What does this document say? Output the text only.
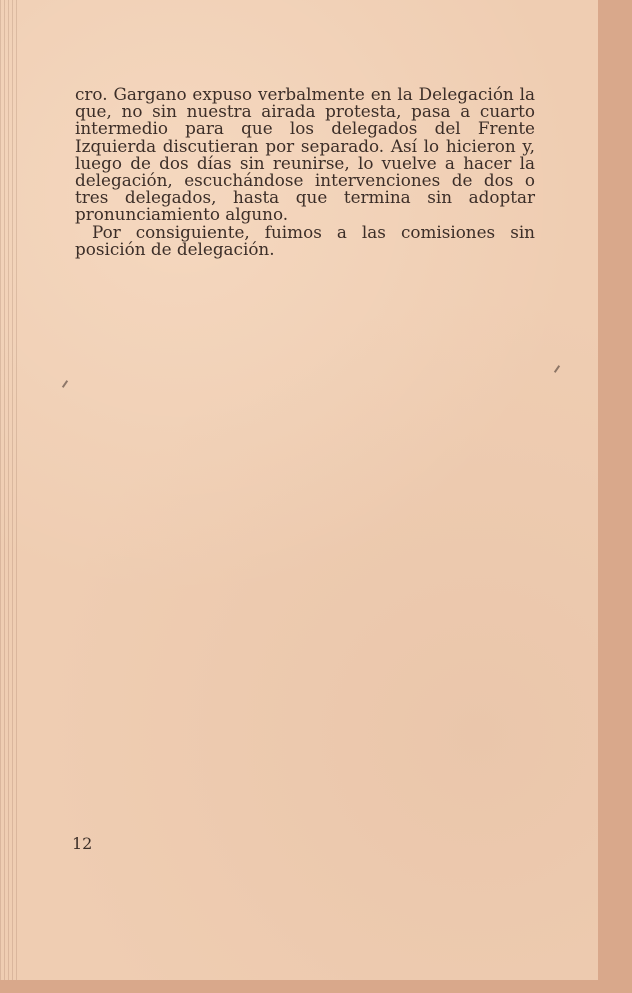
cro. Gargano expuso verbalmente en la Delegación la que, no sin nuestra airada protesta, pasa a cuarto intermedio para que los delegados del Frente Izquierda discutieran por separado. Así lo hicieron y, luego de dos días sin reunirse, lo vuelve a hacer la delegación, escuchándose intervenciones de dos o tres delegados, hasta que termina sin adoptar pronunciamiento alguno.

Por consiguiente, fuimos a las comisiones sin posición de delegación.

12
